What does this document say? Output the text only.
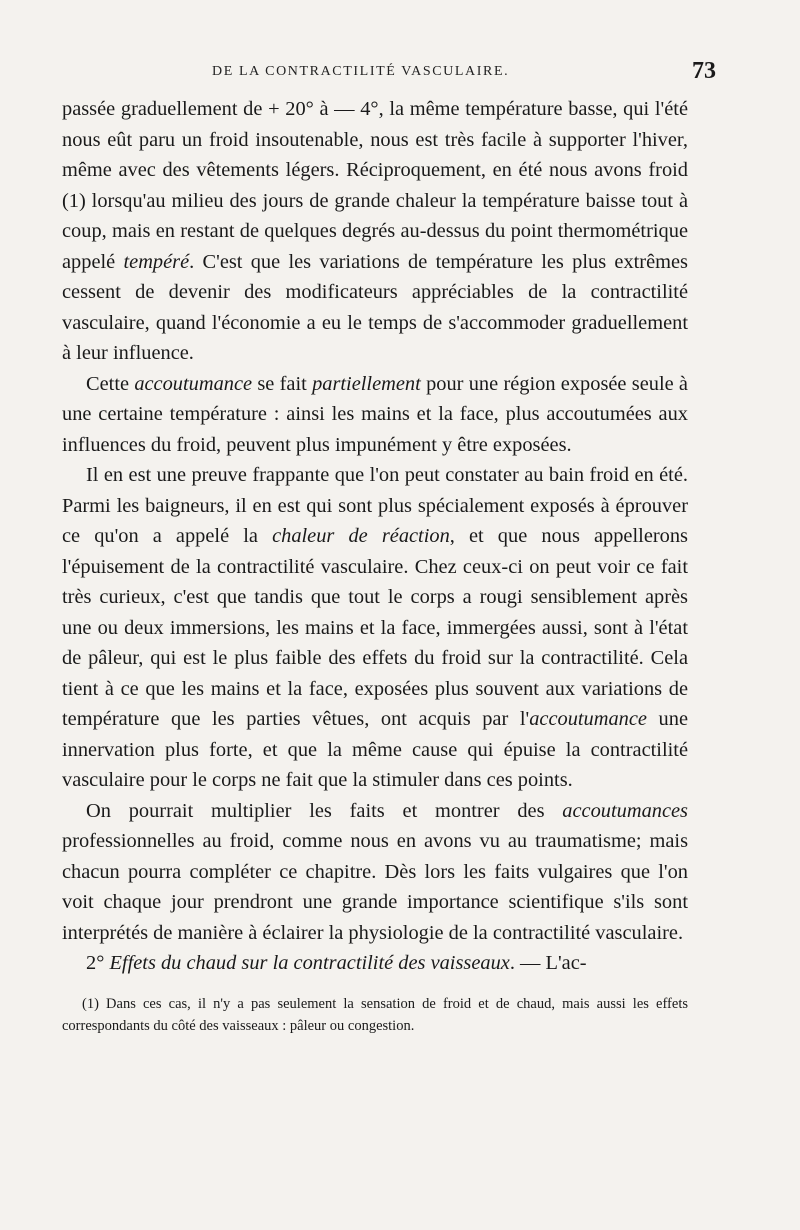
DE LA CONTRACTILITÉ VASCULAIRE.	73

passée graduellement de + 20° à — 4°, la même température basse, qui l'été nous eût paru un froid insoutenable, nous est très facile à supporter l'hiver, même avec des vêtements légers. Réciproquement, en été nous avons froid (1) lorsqu'au milieu des jours de grande chaleur la température baisse tout à coup, mais en restant de quelques degrés au-dessus du point thermométrique appelé tempéré. C'est que les variations de température les plus extrêmes cessent de devenir des modificateurs appréciables de la contractilité vasculaire, quand l'économie a eu le temps de s'accommoder graduellement à leur influence.

Cette accoutumance se fait partiellement pour une région exposée seule à une certaine température : ainsi les mains et la face, plus accoutumées aux influences du froid, peuvent plus impunément y être exposées.

Il en est une preuve frappante que l'on peut constater au bain froid en été. Parmi les baigneurs, il en est qui sont plus spécialement exposés à éprouver ce qu'on a appelé la chaleur de réaction, et que nous appellerons l'épuisement de la contractilité vasculaire. Chez ceux-ci on peut voir ce fait très curieux, c'est que tandis que tout le corps a rougi sensiblement après une ou deux immersions, les mains et la face, immergées aussi, sont à l'état de pâleur, qui est le plus faible des effets du froid sur la contractilité. Cela tient à ce que les mains et la face, exposées plus souvent aux variations de température que les parties vêtues, ont acquis par l'accoutumance une innervation plus forte, et que la même cause qui épuise la contractilité vasculaire pour le corps ne fait que la stimuler dans ces points.

On pourrait multiplier les faits et montrer des accoutumances professionnelles au froid, comme nous en avons vu au traumatisme; mais chacun pourra compléter ce chapitre. Dès lors les faits vulgaires que l'on voit chaque jour prendront une grande importance scientifique s'ils sont interprétés de manière à éclairer la physiologie de la contractilité vasculaire.

2° Effets du chaud sur la contractilité des vaisseaux. — L'ac-

(1) Dans ces cas, il n'y a pas seulement la sensation de froid et de chaud, mais aussi les effets correspondants du côté des vaisseaux : pâleur ou congestion.
